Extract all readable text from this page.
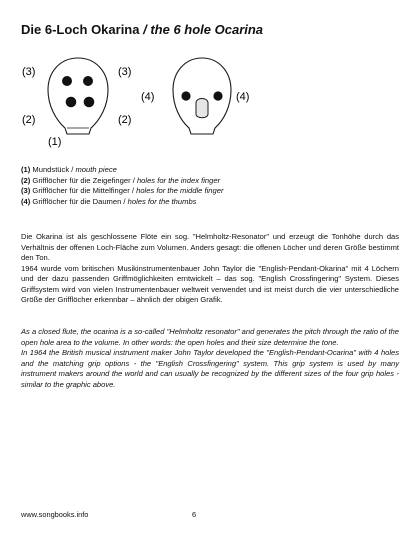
Die 6-Loch Okarina / the 6 hole Ocarina
(3)	(3)
(2)	(2)
(1)
(4)	(4)
(1) Mundstück / mouth piece
(2) Grifflöcher für die Zeigefinger / holes for the index finger
(3) Grifflöcher für die Mittelfinger / holes for the middle finger
(4) Grifflöcher für die Daumen / holes for the thumbs
Die Okarina ist als geschlossene Flöte ein sog. "Helmholtz-Resonator" und erzeugt die Tonhöhe durch das Verhältnis der offenen Loch-Fläche zum Volumen. Anders gesagt: die offenen Löcher und deren Größe bestimmt den Ton.
1964 wurde vom britischen Musikinstrumentenbauer John Taylor die "English-Pendant-Okarina" mit 4 Löchern und der dazu passenden Griffmöglichkeiten erntwickelt – das sog. "English Crossfingering" System. Dieses Griffsystem wird von vielen Instrumentenbauer weltweit verwendet und ist meist durch die vier unterschiedliche Größe der Grifflöcher erkennbar – ähnlich der obigen Grafik.
As a closed flute, the ocarina is a so-called "Helmholtz resonator" and generates the pitch through the ratio of the open hole area to the volume. In other words: the open holes and their size determine the tone.
In 1964 the British musical instrument maker John Taylor developed the "English-Pendant-Ocarina" with 4 holes and the matching grip options - the "English Crossfingering" system. This grip system is used by many instrument makers around the world and can usually be recognized by the different sizes of the four grip holes - similar to the graphic above.
www.songbooks.info	6
